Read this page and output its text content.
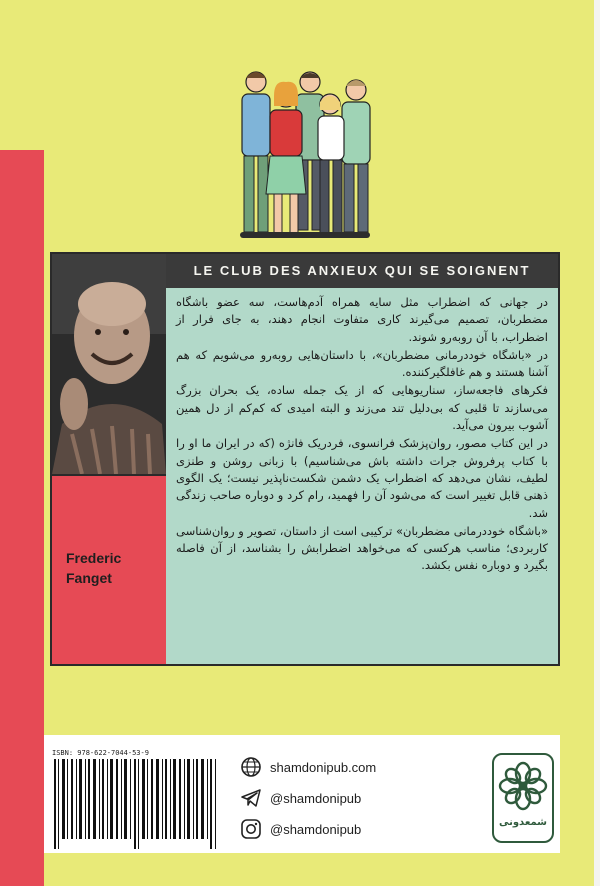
Frederic
Fanget
LE CLUB DES ANXIEUX QUI SE SOIGNENT

در جهانی که اضطراب مثل سایه همراه آدم‌هاست، سه عضو باشگاه مضطربان، تصمیم می‌گیرند کاری متفاوت انجام دهند، به جای فرار از اضطراب، با آن روبه‌رو شوند.

در «باشگاه خوددرمانی مضطربان»، با داستان‌هایی روبه‌رو می‌شویم که هم آشنا هستند و هم غافلگیرکننده.

فکرهای فاجعه‌ساز، سناریوهایی که از یک جمله ساده، یک بحران بزرگ می‌سازند تا قلبی که بی‌دلیل تند می‌زند و البته امیدی که کم‌کم از دل همین آشوب بیرون می‌آید.

در این کتاب مصور، روان‌پزشک فرانسوی، فردریک فانژه (که در ایران ما او را با کتاب پرفروش جرات داشته باش می‌شناسیم) با زبانی روشن و طنزی لطیف، نشان می‌دهد که اضطراب یک دشمن شکست‌ناپذیر نیست؛ یک الگوی ذهنی قابل تغییر است که می‌شود آن را فهمید، رام کرد و دوباره صاحب زندگی شد.

«باشگاه خوددرمانی مضطربان» ترکیبی است از داستان، تصویر و روان‌شناسی کاربردی؛ مناسب هرکسی که می‌خواهد اضطرابش را بشناسد، از آن فاصله بگیرد و دوباره نفس بکشد.

ISBN: 978-622-7044-53-9
shamdonipub.com
@shamdonipub
@shamdonipub	شمعدونی
